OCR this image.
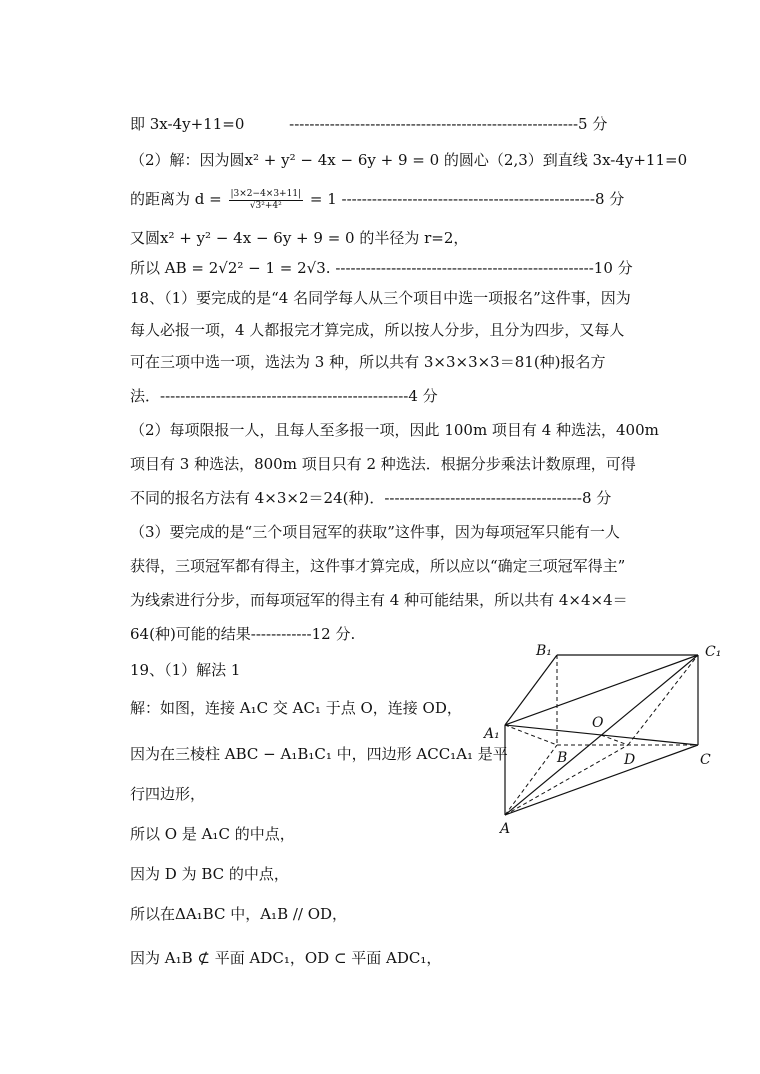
即 3x-4y+11=0	---------------------------------------------------------5 分
（2）解：因为圆x² + y² − 4x − 6y + 9 = 0 的圆心（2,3）到直线 3x-4y+11=0
的距离为 $d = \frac{|3\times 2-4\times 3+11|}{\text{√3²+4²}} = 1$ --------------------------------------------------8 分
又圆x² + y² − 4x − 6y + 9 = 0 的半径为 r=2，
所以 AB = 2√2² − 1 = 2√3. ---------------------------------------------------10 分
18、（1）要完成的是“4 名同学每人从三个项目中选一项报名”这件事，因为
每人必报一项，4 人都报完才算完成，所以按人分步，且分为四步，又每人
可在三项中选一项，选法为 3 种，所以共有 3×3×3×3＝81(种)报名方
法．-------------------------------------------------4 分
（2）每项限报一人，且每人至多报一项，因此 100m 项目有 4 种选法，400m
项目有 3 种选法，800m 项目只有 2 种选法．根据分步乘法计数原理，可得
不同的报名方法有 4×3×2＝24(种)．---------------------------------------8 分
（3）要完成的是“三个项目冠军的获取”这件事，因为每项冠军只能有一人
获得，三项冠军都有得主，这件事才算完成，所以应以“确定三项冠军得主”
为线索进行分步，而每项冠军的得主有 4 种可能结果，所以共有 4×4×4＝
64(种)可能的结果------------12 分.
19、（1）解法 1
解：如图，连接 A₁C 交 AC₁ 于点 O，连接 OD，
因为在三棱柱 ABC − A₁B₁C₁ 中，四边形 ACC₁A₁ 是平
行四边形，
所以 O 是 A₁C 的中点，
因为 D 为 BC 的中点，
所以在ΔA₁BC 中，A₁B // OD，
因为 A₁B ⊄ 平面 ADC₁，OD ⊂ 平面 ADC₁，
B₁	C₁
A₁
O
B	D	C
A
